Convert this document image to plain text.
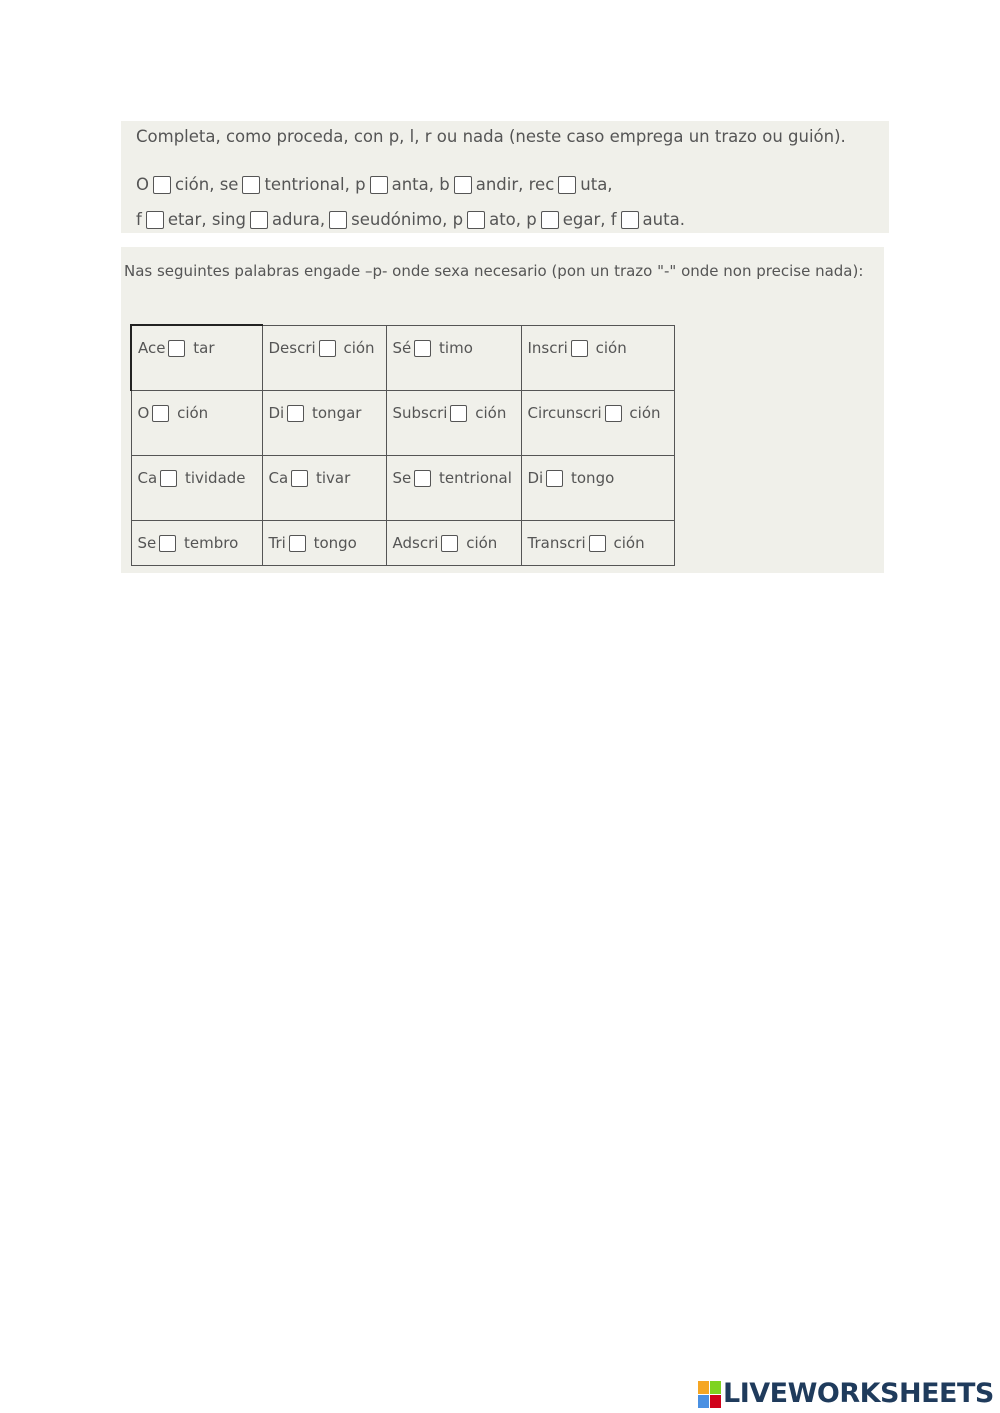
Completa, como proceda, con p, l, r ou nada (neste caso emprega un trazo ou guión).
O ción, se tentrional, p anta, b andir, rec uta,
f etar, sing adura, seudónimo, p ato, p egar, f auta.
Nas seguintes palabras engade –p- onde sexa necesario (pon un trazo "-" onde non precise nada):
Ace tar	Descri ción	Sé timo	Inscri ción
O ción	Di tongar	Subscri ción	Circunscri ción
Ca tividade	Ca tivar	Se tentrional	Di tongo
Se tembro	Tri tongo	Adscri ción	Transcri ción
LIVEWORKSHEETS
